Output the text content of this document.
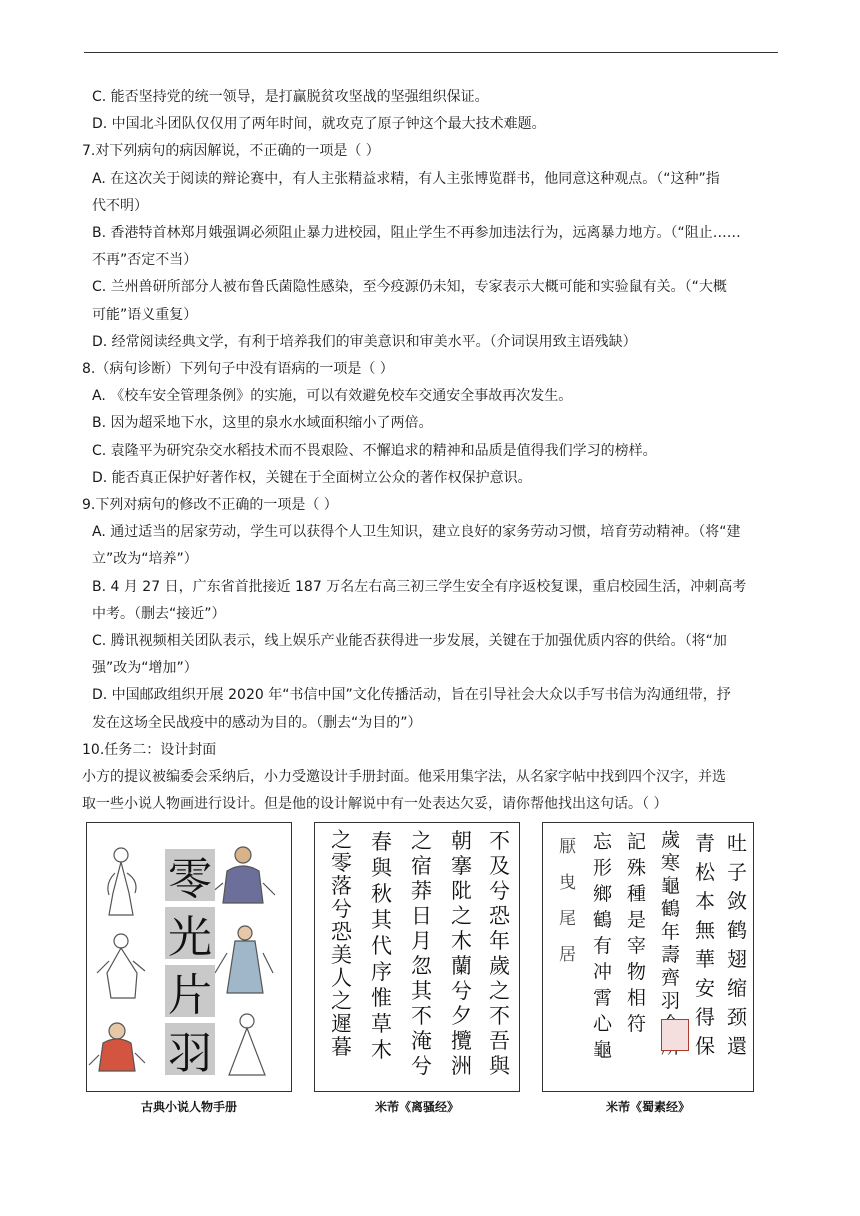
C. 能否坚持党的统一领导，是打赢脱贫攻坚战的坚强组织保证。
D. 中国北斗团队仅仅用了两年时间，就攻克了原子钟这个最大技术难题。
7.对下列病句的病因解说，不正确的一项是（ ）
A. 在这次关于阅读的辩论赛中，有人主张精益求精，有人主张博览群书，他同意这种观点。（“这种”指
代不明）
B. 香港特首林郑月娥强调必须阻止暴力进校园，阻止学生不再参加违法行为，远离暴力地方。（“阻止……
不再”否定不当）
C. 兰州兽研所部分人被布鲁氏菌隐性感染，至今疫源仍未知，专家表示大概可能和实验鼠有关。（“大概
可能”语义重复）
D. 经常阅读经典文学，有利于培养我们的审美意识和审美水平。（介词误用致主语残缺）
8.（病句诊断）下列句子中没有语病的一项是（ ）
A. 《校车安全管理条例》的实施，可以有效避免校车交通安全事故再次发生。
B. 因为超采地下水，这里的泉水水域面积缩小了两倍。
C. 袁隆平为研究杂交水稻技术而不畏艰险、不懈追求的精神和品质是值得我们学习的榜样。
D. 能否真正保护好著作权，关键在于全面树立公众的著作权保护意识。
9.下列对病句的修改不正确的一项是（ ）
A. 通过适当的居家劳动，学生可以获得个人卫生知识，建立良好的家务劳动习惯，培育劳动精神。（将“建
立”改为“培养”）
B. 4 月 27 日，广东省首批接近 187 万名左右高三初三学生安全有序返校复课，重启校园生活，冲刺高考
中考。（删去“接近”）
C. 腾讯视频相关团队表示，线上娱乐产业能否获得进一步发展，关键在于加强优质内容的供给。（将“加
强”改为“增加”）
D. 中国邮政组织开展 2020 年“书信中国”文化传播活动，旨在引导社会大众以手写书信为沟通纽带，抒
发在这场全民战疫中的感动为目的。（删去“为目的”）
10.任务二：设计封面
小方的提议被编委会采纳后，小力受邀设计手册封面。他采用集字法，从名家字帖中找到四个汉字，并选
取一些小说人物画进行设计。但是他的设计解说中有一处表达欠妥，请你帮他找出这句话。（ ）
零
光
片
羽
古典小说人物手册
不及兮恐年歲之不吾與
朝搴阰之木蘭兮夕攬洲
之宿莽日月忽其不淹兮
春與秋其代序惟草木
之零落兮恐美人之遲暮
米芾《离骚经》
吐子敛鹤翅缩颈還
青松本無華安得保
歲寒龜鶴年壽齊羽
記殊種是宰物相符
忘形鄉鶴有冲霄心龜
厭曳尾居
米芾《蜀素经》
